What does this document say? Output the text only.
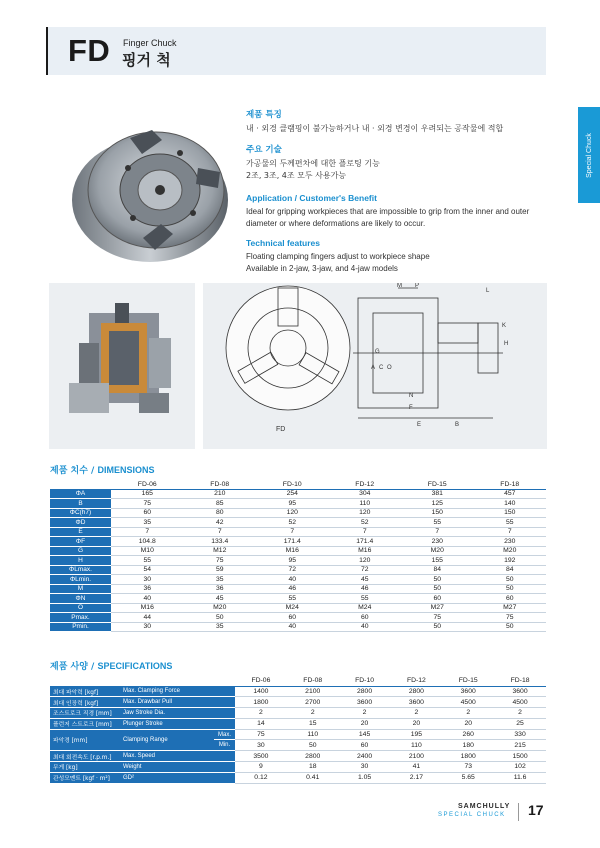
FD Finger Chuck
핑거 척
Special Chuck
제품 특징
내 · 외경 클램핑이 불가능하거나 내 · 외경 변경이 우려되는 공작물에 적합
주요 기술
가공물의 두께편차에 대한 플로팅 기능
2조, 3조, 4조 모두 사용가능
Application / Customer's Benefit
Ideal for gripping workpieces that are impossible to grip from the inner and outer
diameter or where deformations are likely to occur.
Technical features
Floating clamping fingers adjust to workpiece shape
Available in 2-jaw, 3-jaw, and 4-jaw models
M P
L
K
H
G
A C O
N
F
E	B
FD
제품 치수 / DIMENSIONS
	FD-06	FD-08	FD-10	FD-12	FD-15	FD-18
ΦA	165	210	254	304	381	457
B	75	85	95	110	125	140
ΦC(h7)	60	80	120	120	150	150
ΦD	35	42	52	52	55	55
E	7	7	7	7	7	7
ΦF	104.8	133.4	171.4	171.4	230	230
G	M10	M12	M16	M16	M20	M20
H	55	75	95	120	155	192
ΦLmax.	54	59	72	72	84	84
ΦLmin.	30	35	40	45	50	50
M	36	36	46	46	50	50
ΦN	40	45	55	55	60	60
O	M16	M20	M24	M24	M27	M27
Pmax.	44	50	60	60	75	75
Pmin.	30	35	40	40	50	50
제품 사양 / SPECIFICATIONS
			FD-06	FD-08	FD-10	FD-12	FD-15	FD-18
최대 파악력 [kgf]	Max. Clamping Force		1400	2100	2800	2800	3600	3600
최대 인장력 [kgf]	Max. Drawbar Pull		1800	2700	3600	3600	4500	4500
조스트로크 직경 [mm]	Jaw Stroke Dia.		2	2	2	2	2	2
플런저 스트로크 [mm]	Plunger Stroke		14	15	20	20	20	25
파악경 [mm]	Clamping Range	Max.	75	110	145	195	260	330
		Min.	30	50	60	110	180	215
최대 회전속도 [r.p.m.]	Max. Speed		3500	2800	2400	2100	1800	1500
무게 [kg]	Weight		9	18	30	41	73	102
관성모멘트 [kgf · m²]	GD²		0.12	0.41	1.05	2.17	5.65	11.6
SAMCHULLY
SPECIAL CHUCK 17
